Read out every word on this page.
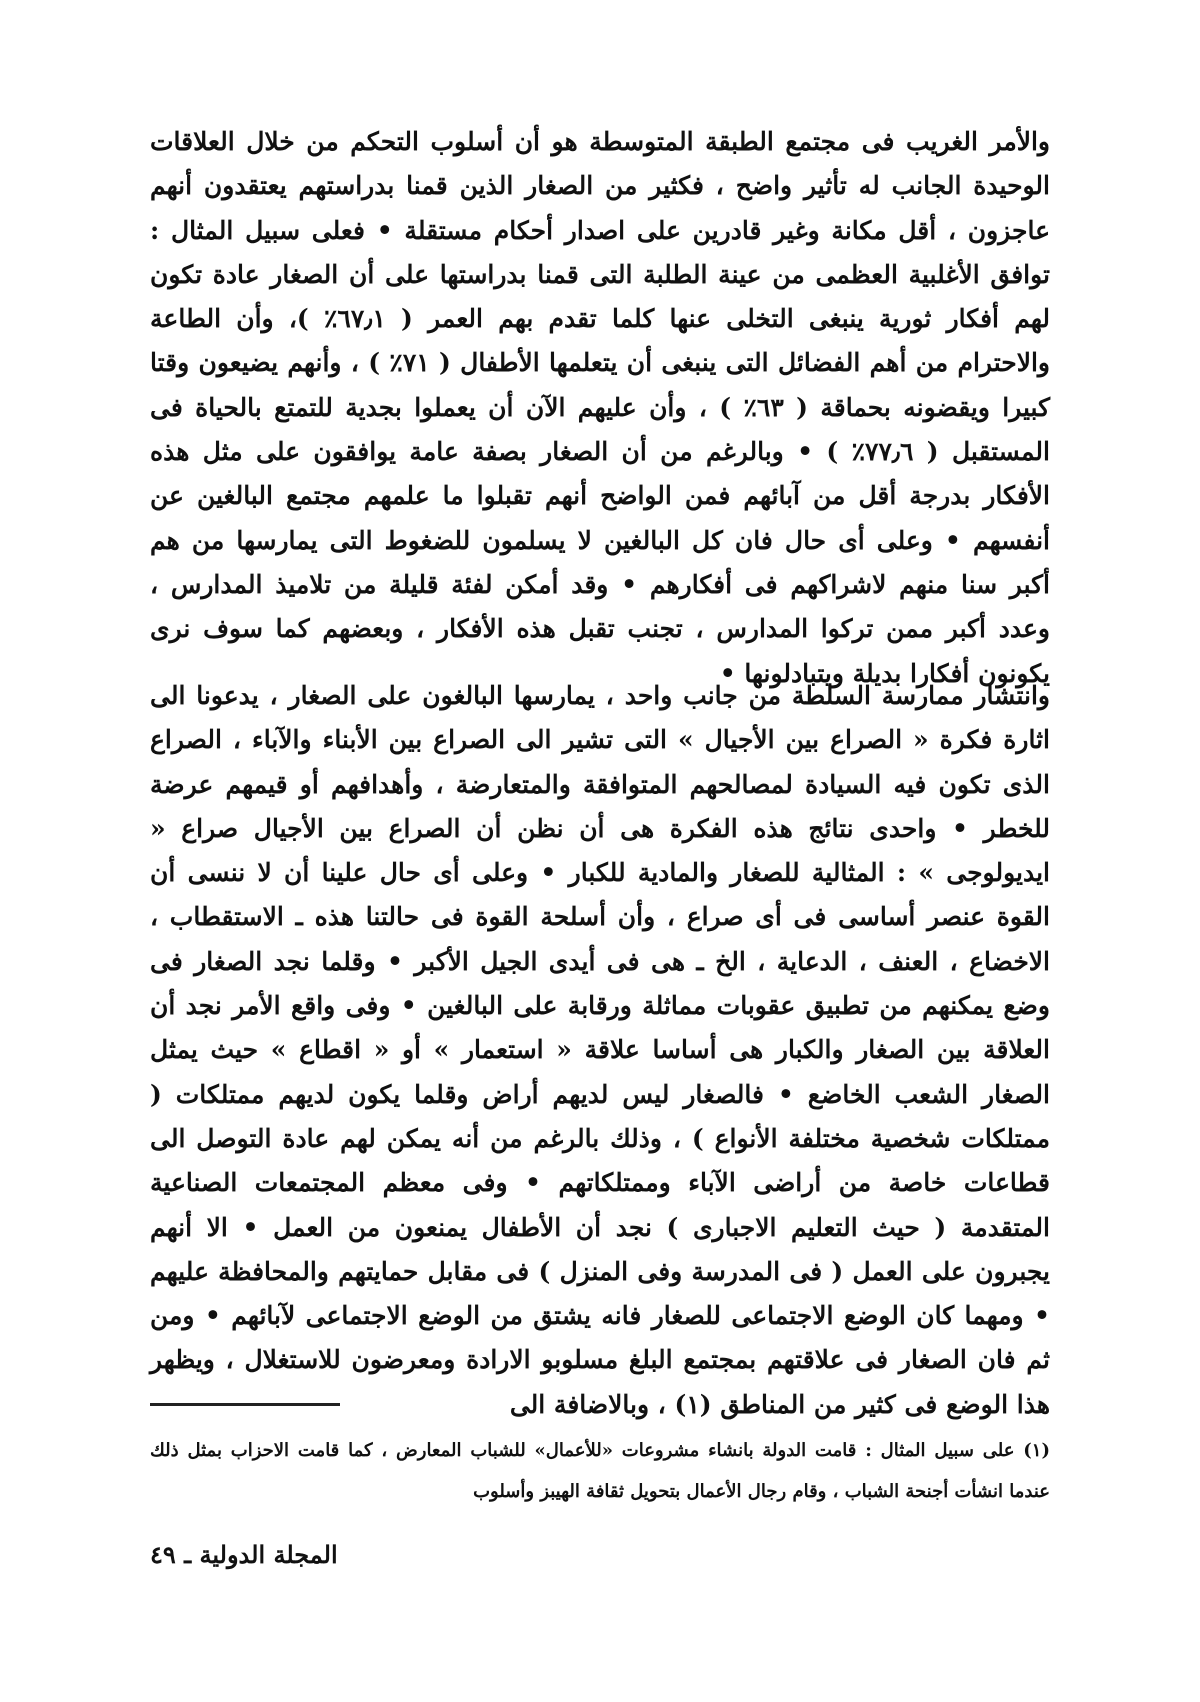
والأمر الغريب فى مجتمع الطبقة المتوسطة هو أن أسلوب التحكم من خلال العلاقات الوحيدة الجانب له تأثير واضح ، فكثير من الصغار الذين قمنا بدراستهم يعتقدون أنهم عاجزون ، أقل مكانة وغير قادرين على اصدار أحكام مستقلة • فعلى سبيل المثال : توافق الأغلبية العظمى من عينة الطلبة التى قمنا بدراستها على أن الصغار عادة تكون لهم أفكار ثورية ينبغى التخلى عنها كلما تقدم بهم العمر ( ٦٧٫١٪ )، وأن الطاعة والاحترام من أهم الفضائل التى ينبغى أن يتعلمها الأطفال ( ٧١٪ ) ، وأنهم يضيعون وقتا كبيرا ويقضونه بحماقة ( ٦٣٪ ) ، وأن عليهم الآن أن يعملوا بجدية للتمتع بالحياة فى المستقبل ( ٧٧٫٦٪ ) • وبالرغم من أن الصغار بصفة عامة يوافقون على مثل هذه الأفكار بدرجة أقل من آبائهم فمن الواضح أنهم تقبلوا ما علمهم مجتمع البالغين عن أنفسهم • وعلى أى حال فان كل البالغين لا يسلمون للضغوط التى يمارسها من هم أكبر سنا منهم لاشراكهم فى أفكارهم • وقد أمكن لفئة قليلة من تلاميذ المدارس ، وعدد أكبر ممن تركوا المدارس ، تجنب تقبل هذه الأفكار ، وبعضهم كما سوف نرى يكونون أفكارا بديلة ويتبادلونها •

وانتشار ممارسة السلطة من جانب واحد ، يمارسها البالغون على الصغار ، يدعونا الى اثارة فكرة « الصراع بين الأجيال » التى تشير الى الصراع بين الأبناء والآباء ، الصراع الذى تكون فيه السيادة لمصالحهم المتوافقة والمتعارضة ، وأهدافهم أو قيمهم عرضة للخطر • واحدى نتائج هذه الفكرة هى أن نظن أن الصراع بين الأجيال صراع « ايديولوجى » : المثالية للصغار والمادية للكبار • وعلى أى حال علينا أن لا ننسى أن القوة عنصر أساسى فى أى صراع ، وأن أسلحة القوة فى حالتنا هذه ـ الاستقطاب ، الاخضاع ، العنف ، الدعاية ، الخ ـ هى فى أيدى الجيل الأكبر • وقلما نجد الصغار فى وضع يمكنهم من تطبيق عقوبات مماثلة ورقابة على البالغين • وفى واقع الأمر نجد أن العلاقة بين الصغار والكبار هى أساسا علاقة « استعمار » أو « اقطاع » حيث يمثل الصغار الشعب الخاضع • فالصغار ليس لديهم أراض وقلما يكون لديهم ممتلكات ( ممتلكات شخصية مختلفة الأنواع ) ، وذلك بالرغم من أنه يمكن لهم عادة التوصل الى قطاعات خاصة من أراضى الآباء وممتلكاتهم • وفى معظم المجتمعات الصناعية المتقدمة ( حيث التعليم الاجبارى ) نجد أن الأطفال يمنعون من العمل • الا أنهم يجبرون على العمل ( فى المدرسة وفى المنزل ) فى مقابل حمايتهم والمحافظة عليهم • ومهما كان الوضع الاجتماعى للصغار فانه يشتق من الوضع الاجتماعى لآبائهم • ومن ثم فان الصغار فى علاقتهم بمجتمع البلغ مسلوبو الارادة ومعرضون للاستغلال ، ويظهر هذا الوضع فى كثير من المناطق (١) ، وبالاضافة الى

(١) على سبيل المثال : قامت الدولة بانشاء مشروعات «للأعمال» للشباب المعارض ، كما قامت الاحزاب بمثل ذلك عندما انشأت أجنحة الشباب ، وقام رجال الأعمال بتحويل ثقافة الهيبز وأسلوب

المجلة الدولية ـ ٤٩
